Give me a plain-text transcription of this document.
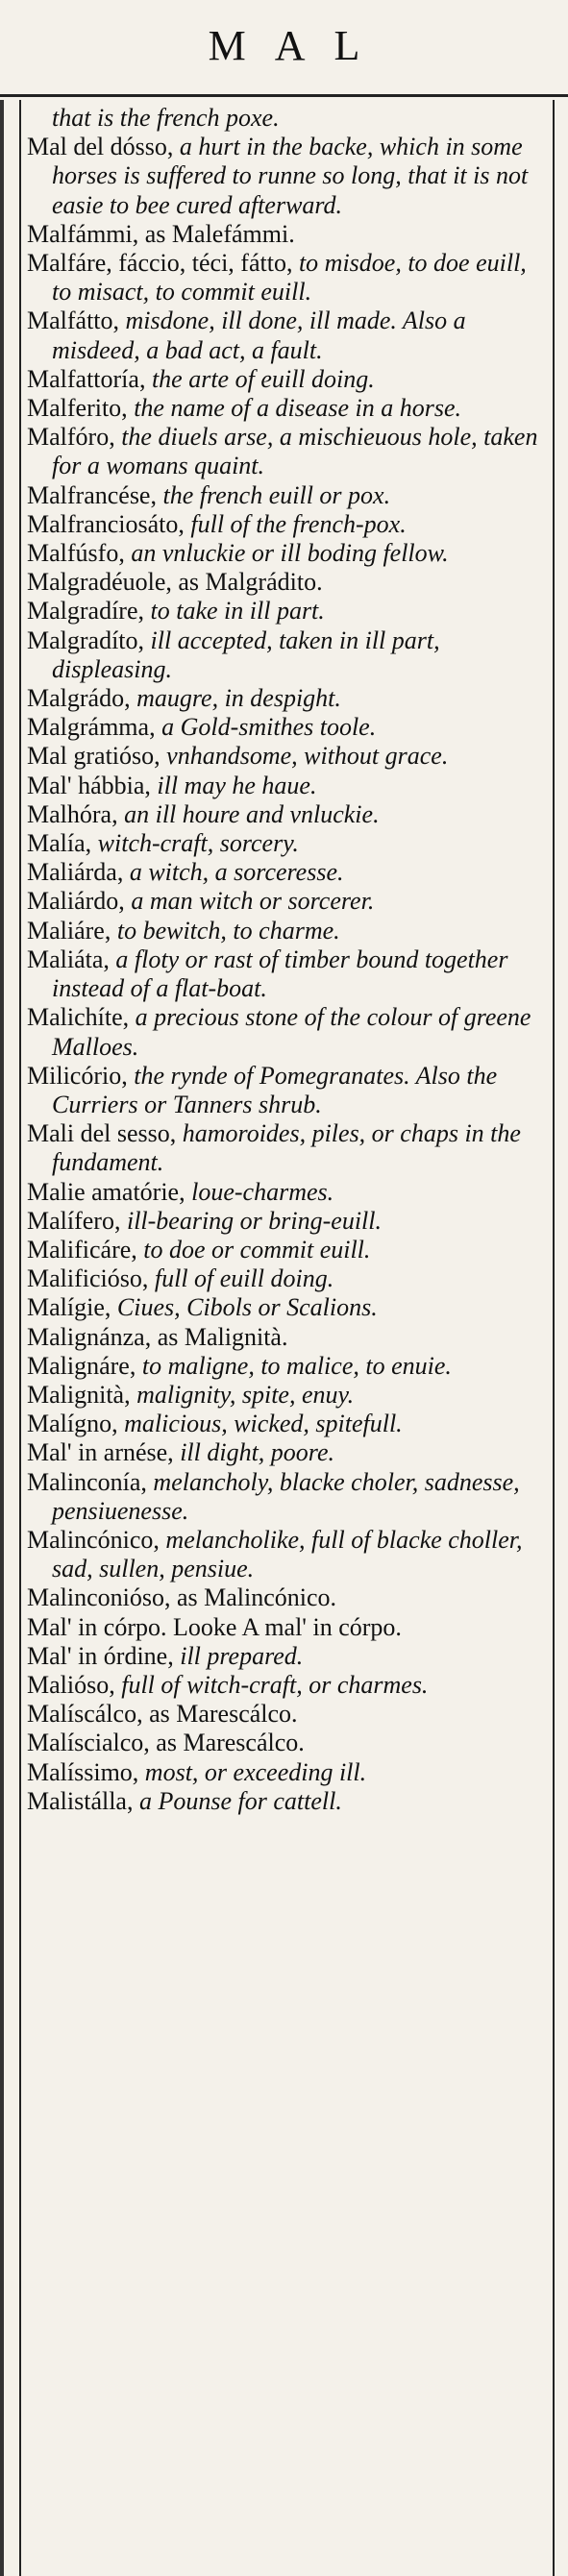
MAL

that is the french poxe.

Mal del dósso, a hurt in the backe, which in some horses is suffered to runne so long, that it is not easie to bee cured afterward.

Malfámmi, as Malefámmi.

Malfáre, fáccio, téci, fátto, to misdoe, to doe euill, to misact, to commit euill.

Malfátto, misdone, ill done, ill made. Also a misdeed, a bad act, a fault.

Malfattoría, the arte of euill doing.

Malferito, the name of a disease in a horse.

Malfóro, the diuels arse, a mischieuous hole, taken for a womans quaint.

Malfrancése, the french euill or pox.

Malfranciosáto, full of the french-pox.

Malfúsfo, an vnluckie or ill boding fellow.

Malgradéuole, as Malgrádito.

Malgradíre, to take in ill part.

Malgradíto, ill accepted, taken in ill part, displeasing.

Malgrádo, maugre, in despight.

Malgrámma, a Gold-smithes toole.

Mal gratióso, vnhandsome, without grace.

Mal' hábbia, ill may he haue.

Malhóra, an ill houre and vnluckie.

Malía, witch-craft, sorcery.

Maliárda, a witch, a sorceresse.

Maliárdo, a man witch or sorcerer.

Maliáre, to bewitch, to charme.

Maliáta, a floty or rast of timber bound together instead of a flat-boat.

Malichíte, a precious stone of the colour of greene Malloes.

Milicório, the rynde of Pomegranates. Also the Curriers or Tanners shrub.

Mali del sesso, hamoroides, piles, or chaps in the fundament.

Malie amatórie, loue-charmes.

Malífero, ill-bearing or bring-euill.

Malificáre, to doe or commit euill.

Malificióso, full of euill doing.

Malígie, Ciues, Cibols or Scalions.

Malignánza, as Malignità.

Malignáre, to maligne, to malice, to enuie.

Malignità, malignity, spite, enuy.

Malígno, malicious, wicked, spitefull.

Mal' in arnése, ill dight, poore.

Malinconía, melancholy, blacke choler, sadnesse, pensiuenesse.

Malincónico, melancholike, full of blacke choller, sad, sullen, pensiue.

Malinconióso, as Malincónico.

Mal' in córpo. Looke A mal' in córpo.

Mal' in órdine, ill prepared.

Malióso, full of witch-craft, or charmes.

Malíscálco, as Marescálco.

Malíscialco, as Marescálco.

Malíssimo, most, or exceeding ill.

Malistálla, a Pounse for cattell.
